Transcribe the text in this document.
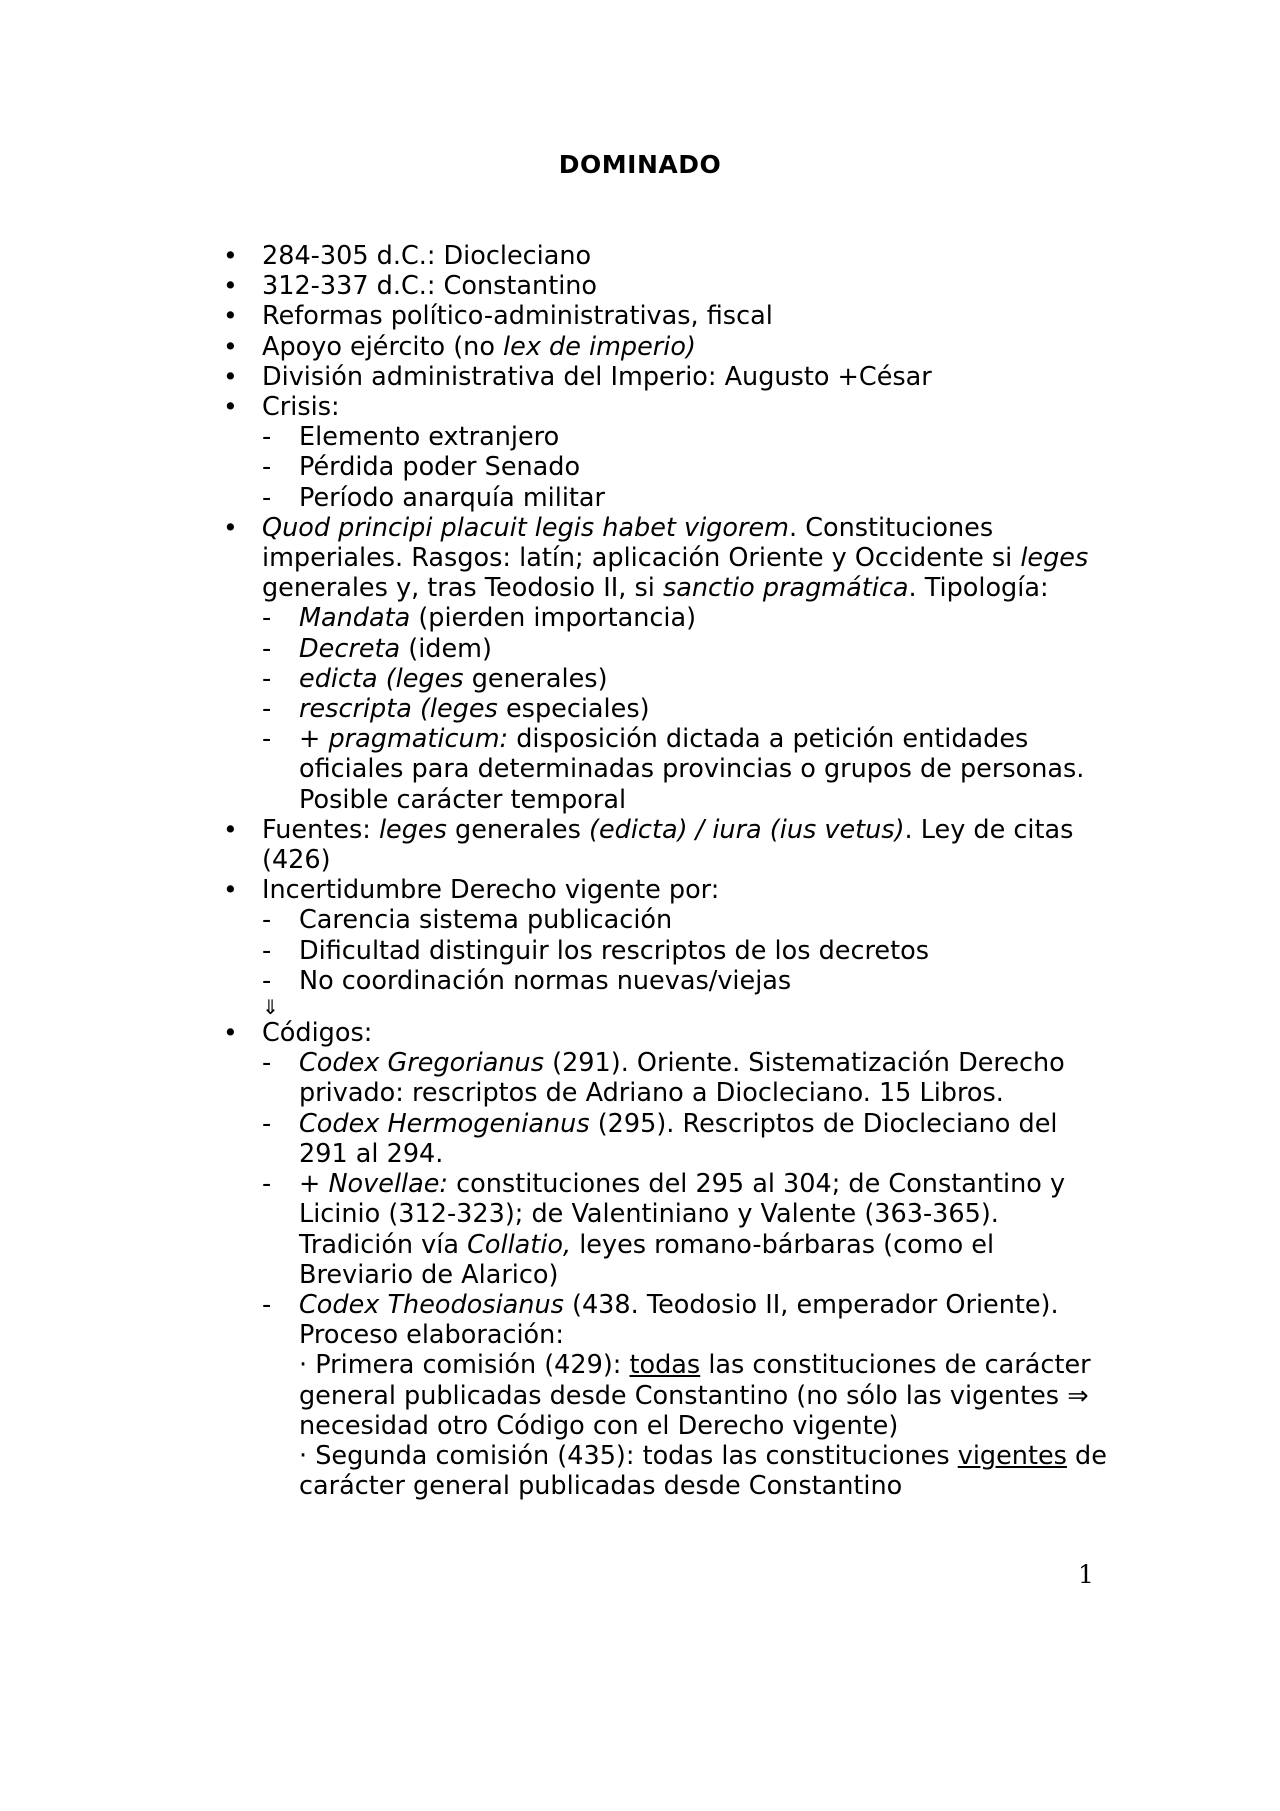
DOMINADO
• 284-305 d.C.: Diocleciano
• 312-337 d.C.: Constantino
• Reformas político-administrativas, fiscal
• Apoyo ejército (no lex de imperio)
• División administrativa del Imperio: Augusto +César
• Crisis:
- Elemento extranjero
- Pérdida poder Senado
- Período anarquía militar
• Quod principi placuit legis habet vigorem. Constituciones imperiales. Rasgos: latín; aplicación Oriente y Occidente si leges generales y, tras Teodosio II, si sanctio pragmática. Tipología:
- Mandata (pierden importancia)
- Decreta (idem)
- edicta (leges generales)
- rescripta (leges especiales)
- + pragmaticum: disposición dictada a petición entidades oficiales para determinadas provincias o grupos de personas. Posible carácter temporal
• Fuentes: leges generales (edicta) / iura (ius vetus). Ley de citas (426)
• Incertidumbre Derecho vigente por:
- Carencia sistema publicación
- Dificultad distinguir los rescriptos de los decretos
- No coordinación normas nuevas/viejas
⇓
• Códigos:
- Codex Gregorianus (291). Oriente. Sistematización Derecho privado: rescriptos de Adriano a Diocleciano. 15 Libros.
- Codex Hermogenianus (295). Rescriptos de Diocleciano del 291 al 294.
- + Novellae: constituciones del 295 al 304; de Constantino y Licinio (312-323); de Valentiniano y Valente (363-365). Tradición vía Collatio, leyes romano-bárbaras (como el Breviario de Alarico)
- Codex Theodosianus (438. Teodosio II, emperador Oriente). Proceso elaboración:
· Primera comisión (429): todas las constituciones de carácter general publicadas desde Constantino (no sólo las vigentes ⇒ necesidad otro Código con el Derecho vigente)
· Segunda comisión (435): todas las constituciones vigentes de carácter general publicadas desde Constantino
1
